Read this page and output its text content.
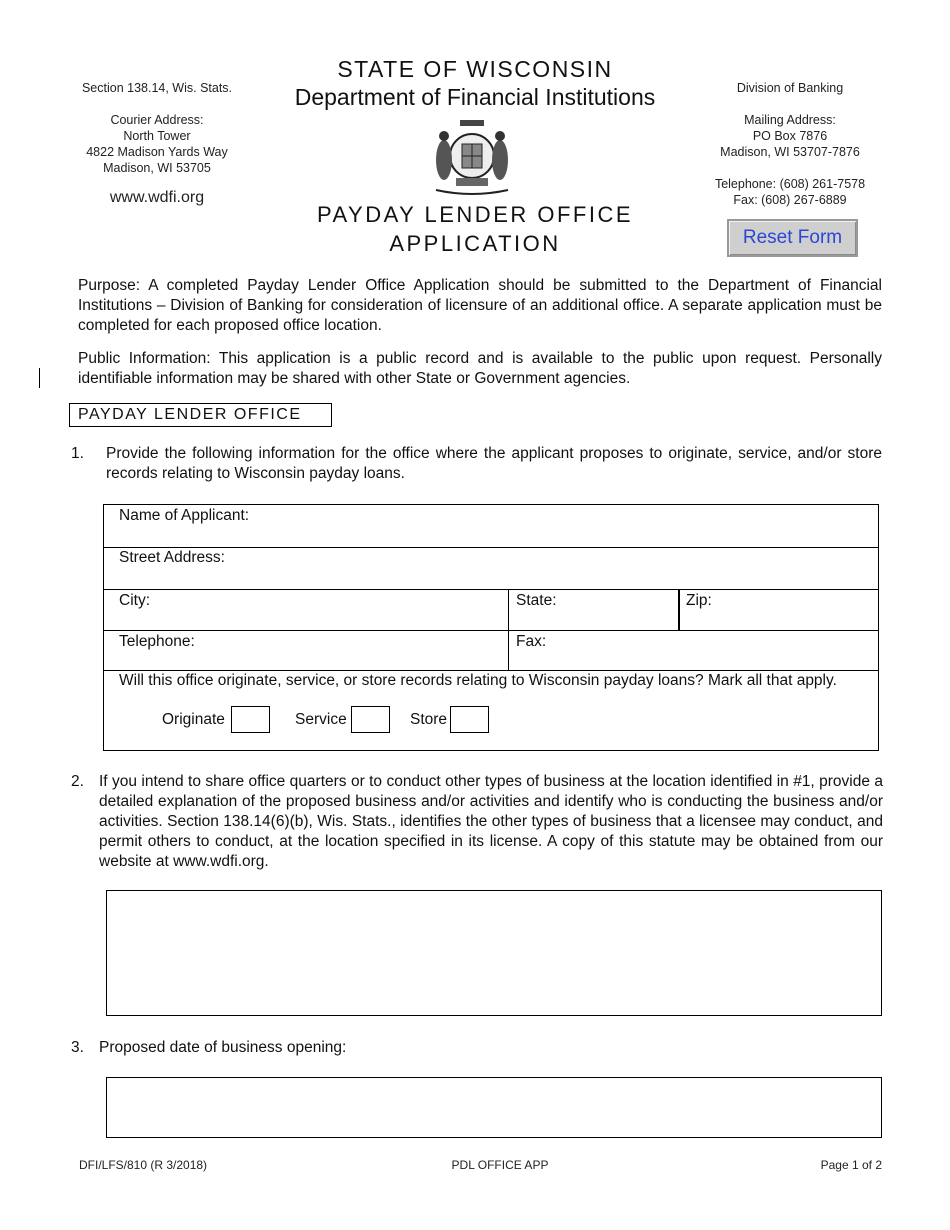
Section 138.14, Wis. Stats.
Courier Address:
North Tower
4822 Madison Yards Way
Madison, WI 53705
www.wdfi.org
STATE OF WISCONSIN
Department of Financial Institutions
PAYDAY LENDER OFFICE
APPLICATION
Division of Banking
Mailing Address:
PO Box 7876
Madison, WI 53707-7876
Telephone: (608) 261-7578
Fax: (608) 267-6889
Reset Form
Purpose: A completed Payday Lender Office Application should be submitted to the Department of Financial Institutions – Division of Banking for consideration of licensure of an additional office. A separate application must be completed for each proposed office location.
Public Information: This application is a public record and is available to the public upon request. Personally identifiable information may be shared with other State or Government agencies.
PAYDAY LENDER OFFICE
1. Provide the following information for the office where the applicant proposes to originate, service, and/or store records relating to Wisconsin payday loans.
Name of Applicant:
Street Address:
City:	State:	Zip:
Telephone:	Fax:
Will this office originate, service, or store records relating to Wisconsin payday loans? Mark all that apply.
Originate	Service	Store
2. If you intend to share office quarters or to conduct other types of business at the location identified in #1, provide a detailed explanation of the proposed business and/or activities and identify who is conducting the business and/or activities. Section 138.14(6)(b), Wis. Stats., identifies the other types of business that a licensee may conduct, and permit others to conduct, at the location specified in its license. A copy of this statute may be obtained from our website at www.wdfi.org.
3. Proposed date of business opening:
DFI/LFS/810 (R 3/2018)	PDL OFFICE APP	Page 1 of 2
